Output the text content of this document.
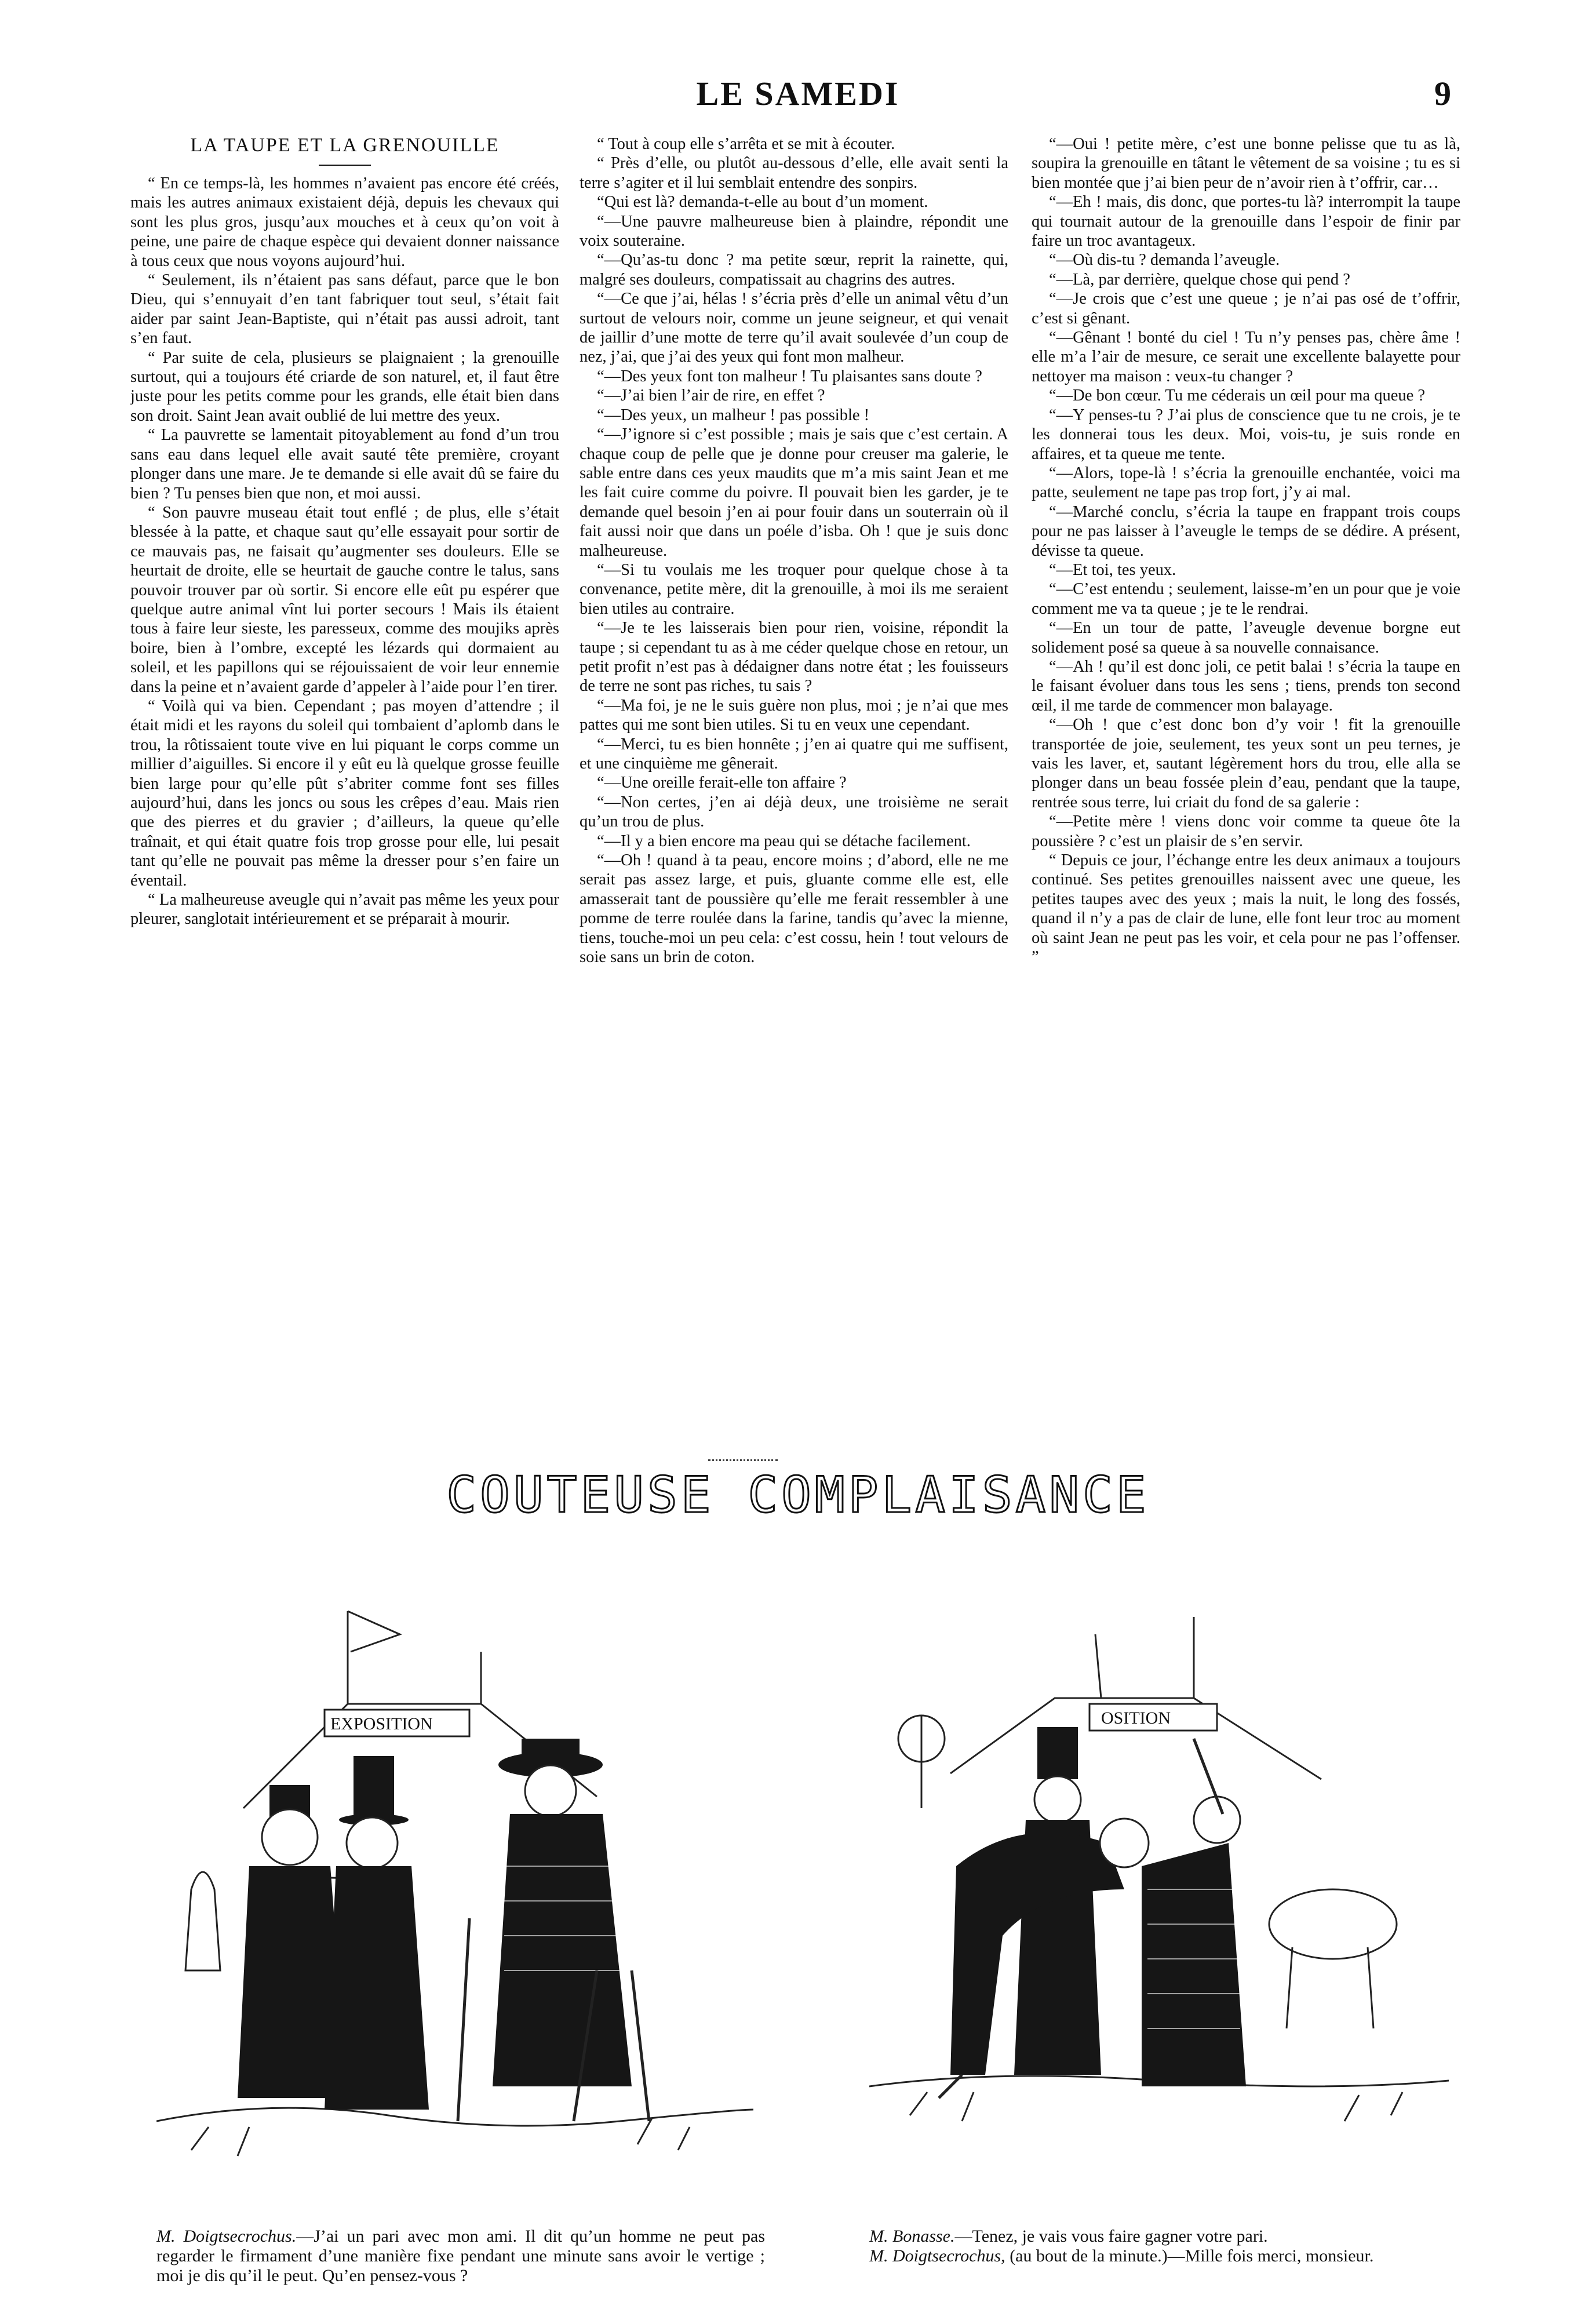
LE SAMEDI	9
LA TAUPE ET LA GRENOUILLE

“ En ce temps-là, les hommes n’avaient pas encore été créés, mais les autres animaux existaient déjà, depuis les chevaux qui sont les plus gros, jusqu’aux mouches et à ceux qu’on voit à peine, une paire de chaque espèce qui devaient donner naissance à tous ceux que nous voyons aujourd’hui.

“ Seulement, ils n’étaient pas sans défaut, parce que le bon Dieu, qui s’ennuyait d’en tant fabriquer tout seul, s’était fait aider par saint Jean-Baptiste, qui n’était pas aussi adroit, tant s’en faut.

“ Par suite de cela, plusieurs se plaignaient ; la grenouille surtout, qui a toujours été criarde de son naturel, et, il faut être juste pour les petits comme pour les grands, elle était bien dans son droit. Saint Jean avait oublié de lui mettre des yeux.

“ La pauvrette se lamentait pitoyablement au fond d’un trou sans eau dans lequel elle avait sauté tête première, croyant plonger dans une mare. Je te demande si elle avait dû se faire du bien ? Tu penses bien que non, et moi aussi.

“ Son pauvre museau était tout enflé ; de plus, elle s’était blessée à la patte, et chaque saut qu’elle essayait pour sortir de ce mauvais pas, ne faisait qu’augmenter ses douleurs. Elle se heurtait de droite, elle se heurtait de gauche contre le talus, sans pouvoir trouver par où sortir. Si encore elle eût pu espérer que quelque autre animal vînt lui porter secours ! Mais ils étaient tous à faire leur sieste, les paresseux, comme des moujiks après boire, bien à l’ombre, excepté les lézards qui dormaient au soleil, et les papillons qui se réjouissaient de voir leur ennemie dans la peine et n’avaient garde d’appeler à l’aide pour l’en tirer.

“ Voilà qui va bien. Cependant ; pas moyen d’attendre ; il était midi et les rayons du soleil qui tombaient d’aplomb dans le trou, la rôtissaient toute vive en lui piquant le corps comme un millier d’aiguilles. Si encore il y eût eu là quelque grosse feuille bien large pour qu’elle pût s’abriter comme font ses filles aujourd’hui, dans les joncs ou sous les crêpes d’eau. Mais rien que des pierres et du gravier ; d’ailleurs, la queue qu’elle traînait, et qui était quatre fois trop grosse pour elle, lui pesait tant qu’elle ne pouvait pas même la dresser pour s’en faire un éventail.

“ La malheureuse aveugle qui n’avait pas même les yeux pour pleurer, sanglotait intérieurement et se préparait à mourir.

“ Tout à coup elle s’arrêta et se mit à écouter.

“ Près d’elle, ou plutôt au-dessous d’elle, elle avait senti la terre s’agiter et il lui semblait entendre des sonpirs.

“Qui est là? demanda-t-elle au bout d’un moment.

“—Une pauvre malheureuse bien à plaindre, répondit une voix souteraine.

“—Qu’as-tu donc ? ma petite sœur, reprit la rainette, qui, malgré ses douleurs, compatissait au chagrins des autres.

“—Ce que j’ai, hélas ! s’écria près d’elle un animal vêtu d’un surtout de velours noir, comme un jeune seigneur, et qui venait de jaillir d’une motte de terre qu’il avait soulevée d’un coup de nez, j’ai, que j’ai des yeux qui font mon malheur.

“—Des yeux font ton malheur ! Tu plaisantes sans doute ?

“—J’ai bien l’air de rire, en effet ?

“—Des yeux, un malheur ! pas possible !

“—J’ignore si c’est possible ; mais je sais que c’est certain. A chaque coup de pelle que je donne pour creuser ma galerie, le sable entre dans ces yeux maudits que m’a mis saint Jean et me les fait cuire comme du poivre. Il pouvait bien les garder, je te demande quel besoin j’en ai pour fouir dans un souterrain où il fait aussi noir que dans un poéle d’isba. Oh ! que je suis donc malheureuse.

“—Si tu voulais me les troquer pour quelque chose à ta convenance, petite mère, dit la grenouille, à moi ils me seraient bien utiles au contraire.

“—Je te les laisserais bien pour rien, voisine, répondit la taupe ; si cependant tu as à me céder quelque chose en retour, un petit profit n’est pas à dédaigner dans notre état ; les fouisseurs de terre ne sont pas riches, tu sais ?

“—Ma foi, je ne le suis guère non plus, moi ; je n’ai que mes pattes qui me sont bien utiles. Si tu en veux une cependant.

“—Merci, tu es bien honnête ; j’en ai quatre qui me suffisent, et une cinquième me gênerait.

“—Une oreille ferait-elle ton affaire ?

“—Non certes, j’en ai déjà deux, une troisième ne serait qu’un trou de plus.

“—Il y a bien encore ma peau qui se détache facilement.

“—Oh ! quand à ta peau, encore moins ; d’abord, elle ne me serait pas assez large, et puis, gluante comme elle est, elle amasserait tant de poussière qu’elle me ferait ressembler à une pomme de terre roulée dans la farine, tandis qu’avec la mienne, tiens, touche-moi un peu cela: c’est cossu, hein ! tout velours de soie sans un brin de coton.

“—Oui ! petite mère, c’est une bonne pelisse que tu as là, soupira la grenouille en tâtant le vêtement de sa voisine ; tu es si bien montée que j’ai bien peur de n’avoir rien à t’offrir, car…

“—Eh ! mais, dis donc, que portes-tu là? interrompit la taupe qui tournait autour de la grenouille dans l’espoir de finir par faire un troc avantageux.

“—Où dis-tu ? demanda l’aveugle.

“—Là, par derrière, quelque chose qui pend ?

“—Je crois que c’est une queue ; je n’ai pas osé de t’offrir, c’est si gênant.

“—Gênant ! bonté du ciel ! Tu n’y penses pas, chère âme ! elle m’a l’air de mesure, ce serait une excellente balayette pour nettoyer ma maison : veux-tu changer ?

“—De bon cœur. Tu me céderais un œil pour ma queue ?

“—Y penses-tu ? J’ai plus de conscience que tu ne crois, je te les donnerai tous les deux. Moi, vois-tu, je suis ronde en affaires, et ta queue me tente.

“—Alors, tope-là ! s’écria la grenouille enchantée, voici ma patte, seulement ne tape pas trop fort, j’y ai mal.

“—Marché conclu, s’écria la taupe en frappant trois coups pour ne pas laisser à l’aveugle le temps de se dédire. A présent, dévisse ta queue.

“—Et toi, tes yeux.

“—C’est entendu ; seulement, laisse-m’en un pour que je voie comment me va ta queue ; je te le rendrai.

“—En un tour de patte, l’aveugle devenue borgne eut solidement posé sa queue à sa nouvelle connaisance.

“—Ah ! qu’il est donc joli, ce petit balai ! s’écria la taupe en le faisant évoluer dans tous les sens ; tiens, prends ton second œil, il me tarde de commencer mon balayage.

“—Oh ! que c’est donc bon d’y voir ! fit la grenouille transportée de joie, seulement, tes yeux sont un peu ternes, je vais les laver, et, sautant légèrement hors du trou, elle alla se plonger dans un beau fossée plein d’eau, pendant que la taupe, rentrée sous terre, lui criait du fond de sa galerie :

“—Petite mère ! viens donc voir comme ta queue ôte la poussière ? c’est un plaisir de s’en servir.

“ Depuis ce jour, l’échange entre les deux animaux a toujours continué. Ses petites grenouilles naissent avec une queue, les petites taupes avec des yeux ; mais la nuit, le long des fossés, quand il n’y a pas de clair de lune, elle font leur troc au moment où saint Jean ne peut pas les voir, et cela pour ne pas l’offenser. ”

COUTEUSE COMPLAISANCE
EXPOSITION	OSITION
M. Doigtsecrochus.—J’ai un pari avec mon ami. Il dit qu’un homme ne peut pas regarder le firmament d’une manière fixe pendant une minute sans avoir le vertige ; moi je dis qu’il le peut. Qu’en pensez-vous ?
M. Bonasse.—Tenez, je vais vous faire gagner votre pari.
M. Doigtsecrochus, (au bout de la minute.)—Mille fois merci, monsieur.
